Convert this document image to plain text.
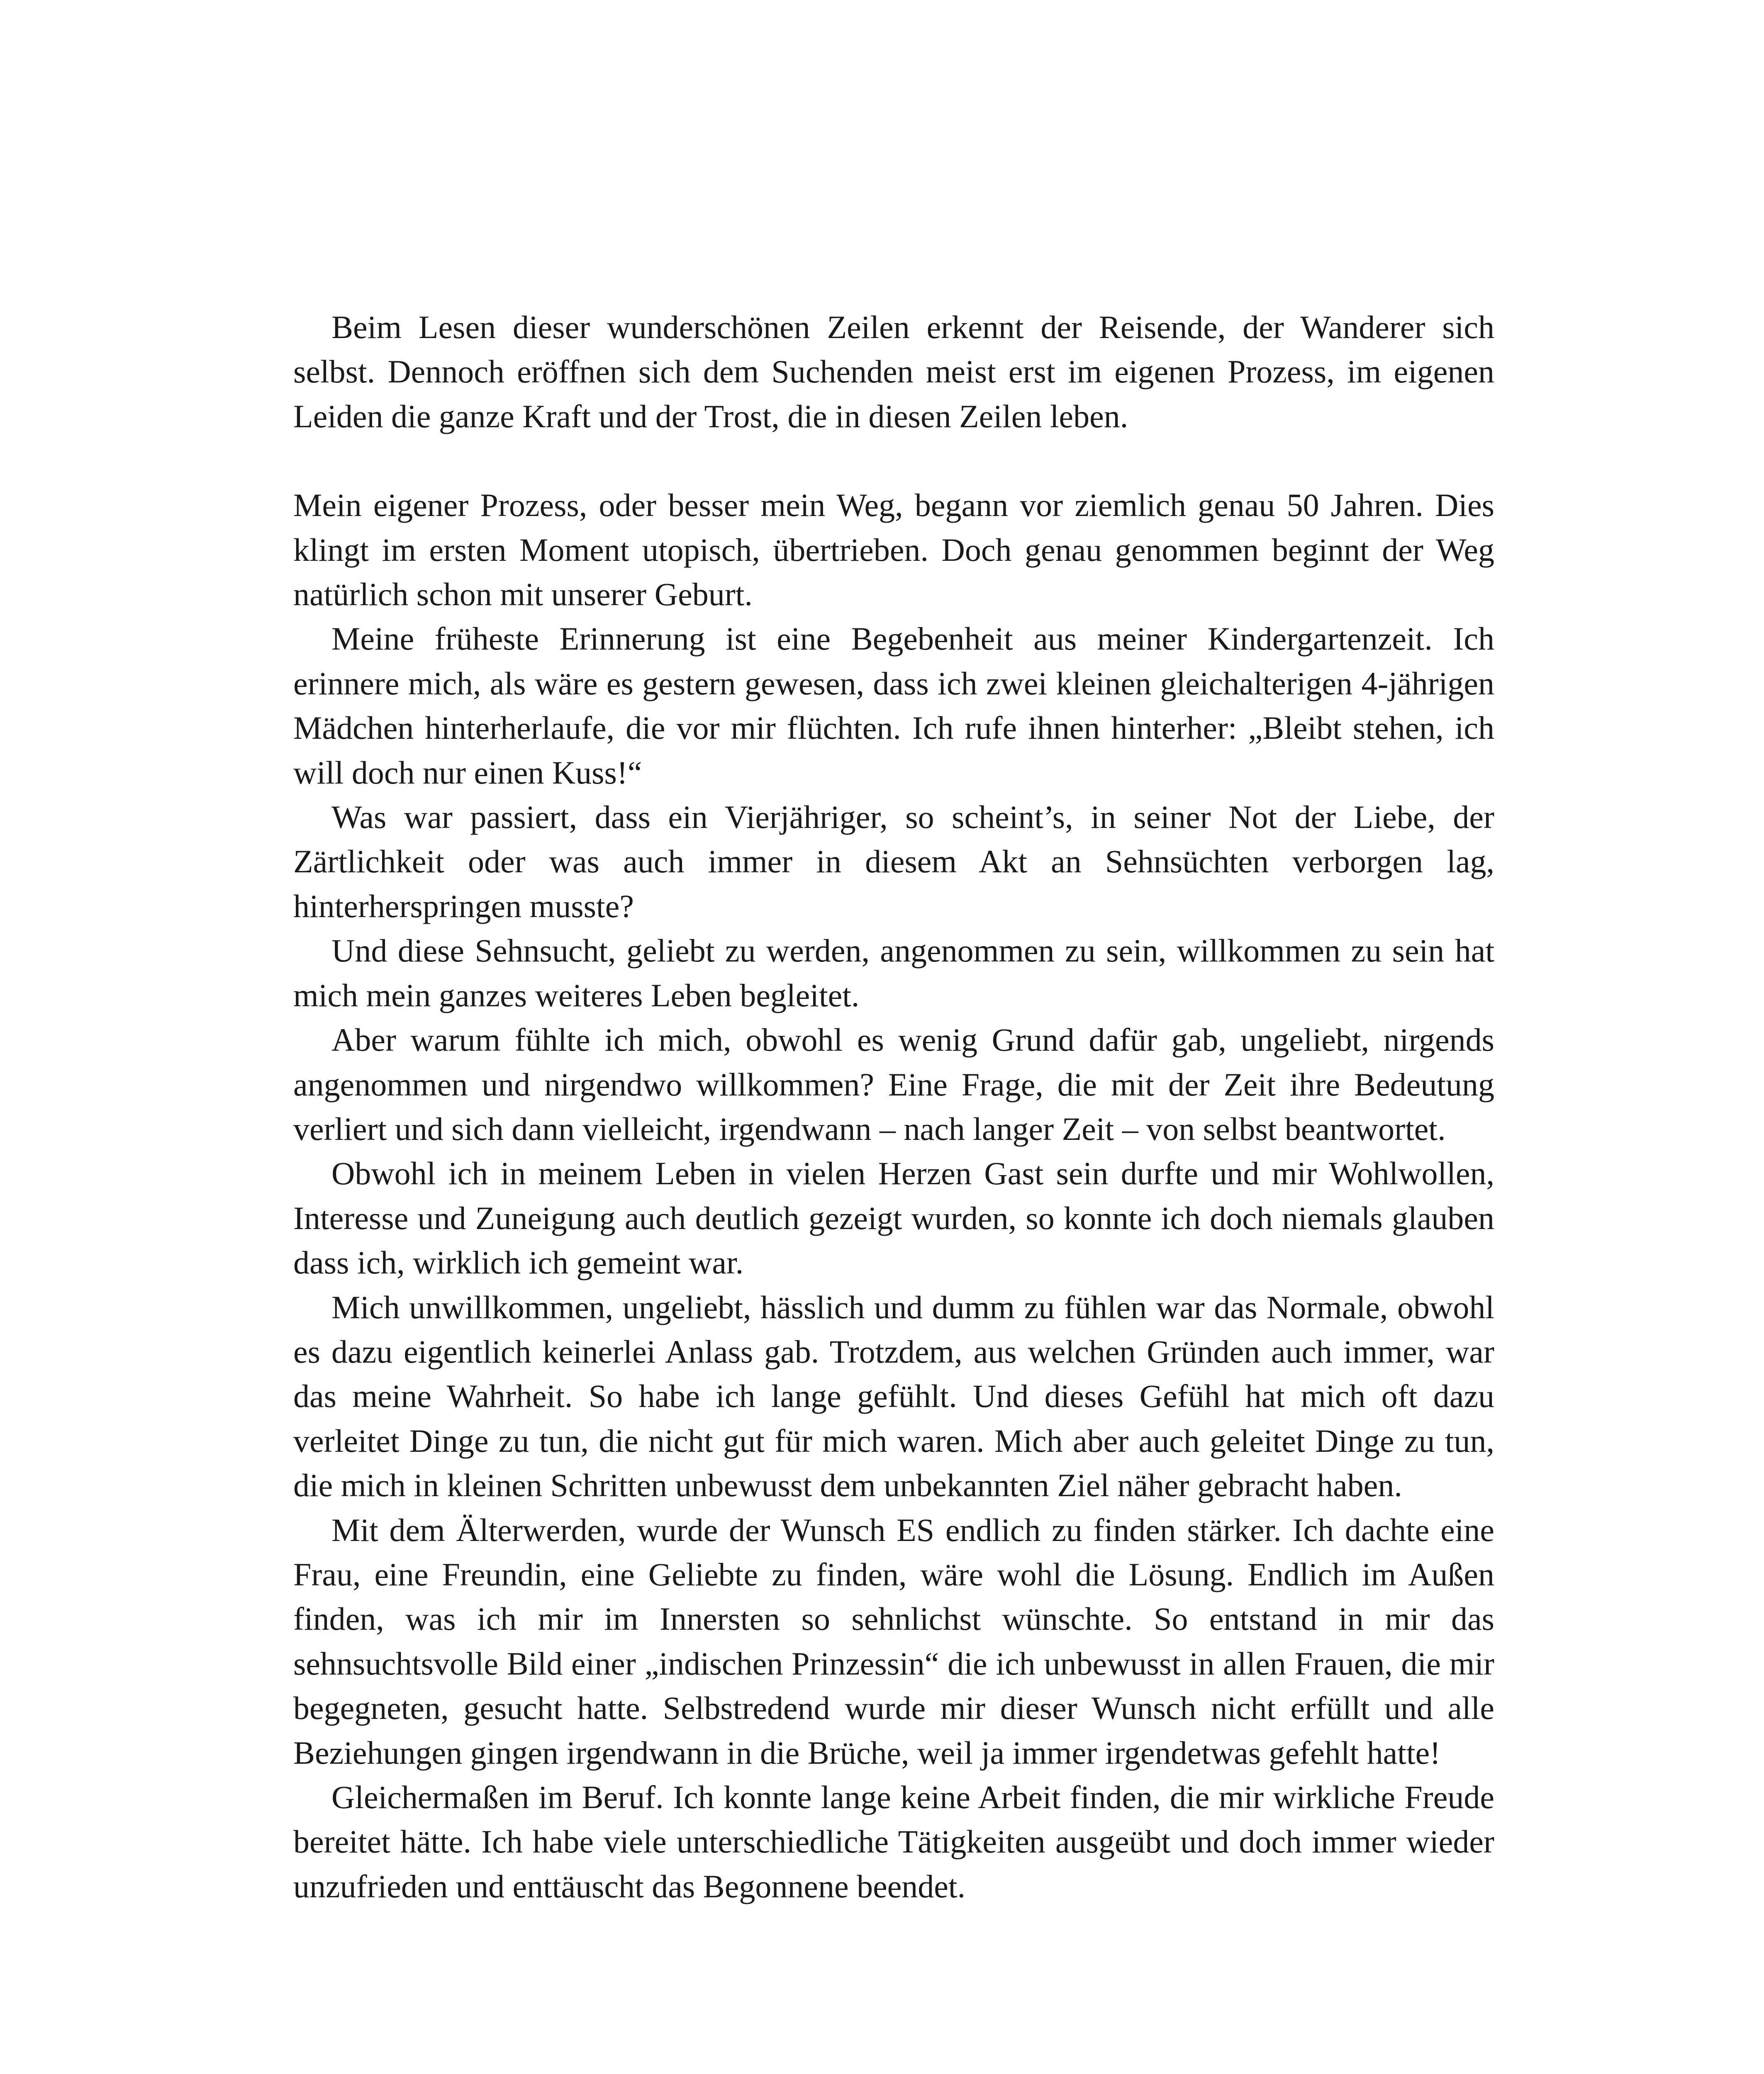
Beim Lesen dieser wunderschönen Zeilen erkennt der Reisende, der Wanderer sich selbst. Dennoch eröffnen sich dem Suchenden meist erst im eigenen Prozess, im eigenen Leiden die ganze Kraft und der Trost, die in diesen Zeilen leben.

Mein eigener Prozess, oder besser mein Weg, begann vor ziemlich genau 50 Jahren. Dies klingt im ersten Moment utopisch, übertrieben. Doch genau genommen beginnt der Weg natürlich schon mit unserer Geburt.

Meine früheste Erinnerung ist eine Begebenheit aus meiner Kindergartenzeit. Ich erinnere mich, als wäre es gestern gewesen, dass ich zwei kleinen gleichalterigen 4-jährigen Mädchen hinterherlaufe, die vor mir flüchten. Ich rufe ihnen hinterher: „Bleibt stehen, ich will doch nur einen Kuss!“

Was war passiert, dass ein Vierjähriger, so scheint’s, in seiner Not der Liebe, der Zärtlichkeit oder was auch immer in diesem Akt an Sehnsüchten verborgen lag, hinterherspringen musste?

Und diese Sehnsucht, geliebt zu werden, angenommen zu sein, willkommen zu sein hat mich mein ganzes weiteres Leben begleitet.

Aber warum fühlte ich mich, obwohl es wenig Grund dafür gab, ungeliebt, nirgends angenommen und nirgendwo willkommen? Eine Frage, die mit der Zeit ihre Bedeutung verliert und sich dann vielleicht, irgendwann – nach langer Zeit – von selbst beantwortet.

Obwohl ich in meinem Leben in vielen Herzen Gast sein durfte und mir Wohlwollen, Interesse und Zuneigung auch deutlich gezeigt wurden, so konnte ich doch niemals glauben dass ich, wirklich ich gemeint war.

Mich unwillkommen, ungeliebt, hässlich und dumm zu fühlen war das Normale, obwohl es dazu eigentlich keinerlei Anlass gab. Trotzdem, aus welchen Gründen auch immer, war das meine Wahrheit. So habe ich lange gefühlt. Und dieses Gefühl hat mich oft dazu verleitet Dinge zu tun, die nicht gut für mich waren. Mich aber auch geleitet Dinge zu tun, die mich in kleinen Schritten unbewusst dem unbekannten Ziel näher gebracht haben.

Mit dem Älterwerden, wurde der Wunsch ES endlich zu finden stärker. Ich dachte eine Frau, eine Freundin, eine Geliebte zu finden, wäre wohl die Lösung. Endlich im Außen finden, was ich mir im Innersten so sehnlichst wünschte. So entstand in mir das sehnsuchtsvolle Bild einer „indischen Prinzessin“ die ich unbewusst in allen Frauen, die mir begegneten, gesucht hatte. Selbstredend wurde mir dieser Wunsch nicht erfüllt und alle Beziehungen gingen irgendwann in die Brüche, weil ja immer irgendetwas gefehlt hatte!

Gleichermaßen im Beruf. Ich konnte lange keine Arbeit finden, die mir wirkliche Freude bereitet hätte. Ich habe viele unterschiedliche Tätigkeiten ausgeübt und doch immer wieder unzufrieden und enttäuscht das Begonnene beendet.
